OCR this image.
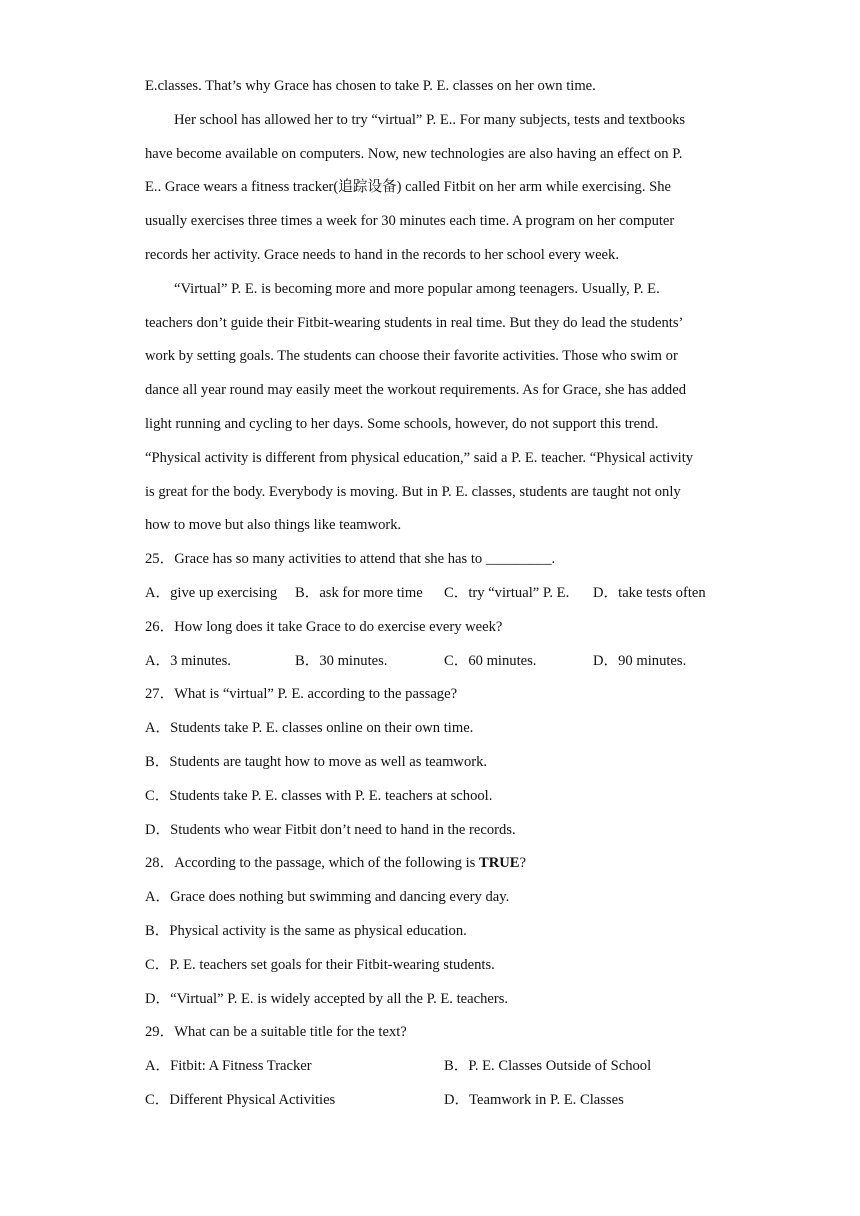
E.classes. That’s why Grace has chosen to take P. E. classes on her own time.
Her school has allowed her to try “virtual” P. E.. For many subjects, tests and textbooks
have become available on computers. Now, new technologies are also having an effect on P.
E.. Grace wears a fitness tracker(追踪设备) called Fitbit on her arm while exercising. She
usually exercises three times a week for 30 minutes each time. A program on her computer
records her activity. Grace needs to hand in the records to her school every week.
“Virtual” P. E. is becoming more and more popular among teenagers. Usually, P. E.
teachers don’t guide their Fitbit-wearing students in real time. But they do lead the students’
work by setting goals. The students can choose their favorite activities. Those who swim or
dance all year round may easily meet the workout requirements. As for Grace, she has added
light running and cycling to her days. Some schools, however, do not support this trend.
“Physical activity is different from physical education,” said a P. E. teacher. “Physical activity
is great for the body. Everybody is moving. But in P. E. classes, students are taught not only
how to move but also things like teamwork.
25．Grace has so many activities to attend that she has to _________.
A．give up exercising B．ask for more time C．try “virtual” P. E. D．take tests often
26．How long does it take Grace to do exercise every week?
A．3 minutes.	B．30 minutes.	C．60 minutes.	D．90 minutes.
27．What is “virtual” P. E. according to the passage?
A．Students take P. E. classes online on their own time.
B．Students are taught how to move as well as teamwork.
C．Students take P. E. classes with P. E. teachers at school.
D．Students who wear Fitbit don’t need to hand in the records.
28．According to the passage, which of the following is TRUE?
A．Grace does nothing but swimming and dancing every day.
B．Physical activity is the same as physical education.
C．P. E. teachers set goals for their Fitbit-wearing students.
D．“Virtual” P. E. is widely accepted by all the P. E. teachers.
29．What can be a suitable title for the text?
A．Fitbit: A Fitness Tracker	B．P. E. Classes Outside of School
C．Different Physical Activities	D．Teamwork in P. E. Classes
